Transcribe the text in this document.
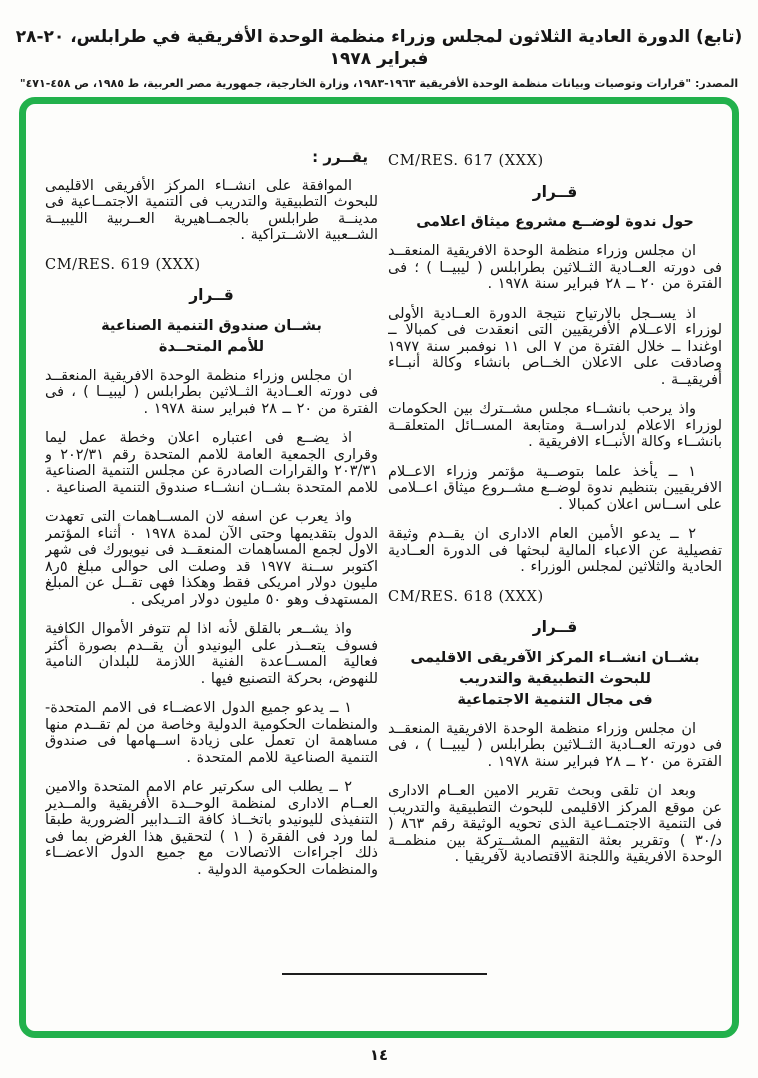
(تابع) الدورة العادية الثلاثون لمجلس وزراء منظمة الوحدة الأفريقية في طرابلس، ٢٠-٢٨ فبراير ١٩٧٨
المصدر: "قرارات وتوصيات وبيانات منظمة الوحدة الأفريقية ١٩٦٣-١٩٨٣، وزارة الخارجية، جمهورية مصر العربية، ط ١٩٨٥، ص ٤٥٨-٤٧١"
CM/RES. 617 (XXX)
قــرار
حول ندوة لوضــع مشروع ميثاق اعلامى

ان مجلس وزراء منظمة الوحدة الافريقية المنعقــد فى دورته العــادية الثــلاثين بطرابلس ( ليبيــا ) ؛ فى الفترة من ٢٠ ــ ٢٨ فبراير سنة ١٩٧٨ .

اذ يســجل بالارتياح نتيجة الدورة العــادية الأولى لوزراء الاعــلام الأفريقيين التى انعقدت فى كمبالا ــ اوغندا ــ خلال الفترة من ٧ الى ١١ نوفمبر سنة ١٩٧٧ وصادقت على الاعلان الخــاص بانشاء وكالة أنبــاء أفريقيــة .

واذ يرحب بانشــاء مجلس مشــترك بين الحكومات لوزراء الاعلام لدراســة ومتابعة المســائل المتعلقــة بانشــاء وكالة الأنبــاء الافريقية .

١ ــ يأخذ علما بتوصــية مؤتمر وزراء الاعــلام الافريقيين بتنظيم ندوة لوضــع مشــروع ميثاق اعــلامى على اســاس اعلان كمبالا .

٢ ــ يدعو الأمين العام الادارى ان يقــدم وثيقة تفصيلية عن الاعباء المالية لبحثها فى الدورة العــادية الحادية والثلاثين لمجلس الوزراء .

CM/RES. 618 (XXX)
قــرار
بشــان انشــاء المركز الآفريقى الاقليمى
للبحوث التطبيقية والتدريب
فى مجال التنمية الاجتماعية

ان مجلس وزراء منظمة الوحدة الافريقية المنعقــد فى دورته العــادية الثــلاثين بطرابلس ( ليبيــا ) ، فى الفترة من ٢٠ ــ ٢٨ فبراير سنة ١٩٧٨ .

وبعد ان تلقى وبحث تقرير الامين العــام الادارى عن موقع المركز الاقليمى للبحوث التطبيقية والتدريب فى التنمية الاجتمــاعية الذى تحويه الوثيقة رقم ٨٦٣ ( د/٣٠ ) وتقرير بعثة التقييم المشــتركة بين منظمــة الوحدة الافريقية واللجنة الاقتصادية لآفريقيا .

يقــرر :

الموافقة على انشــاء المركز الأفريقى الاقليمى للبحوث التطبيقية والتدريب فى التنمية الاجتمــاعية فى مدينــة طرابلس بالجمــاهيرية العــربية الليبيــة الشــعبية الاشــتراكية .

CM/RES. 619 (XXX)
قــرار
بشــان صندوق التنمية الصناعية
للأمم المتحــدة

ان مجلس وزراء منظمة الوحدة الافريقية المنعقــد فى دورته العــادية الثــلاثين بطرابلس ( ليبيــا ) ، فى الفترة من ٢٠ ــ ٢٨ فبراير سنة ١٩٧٨ .

اذ يضــع فى اعتباره اعلان وخطة عمل ليما وقرارى الجمعية العامة للامم المتحدة رقم ٢٠٢/٣١ و ٢٠٣/٣١ والقرارات الصادرة عن مجلس التنمية الصناعية للامم المتحدة بشــان انشــاء صندوق التنمية الصناعية .

واذ يعرب عن اسفه لان المســاهمات التى تعهدت الدول بتقديمها وحتى الآن لمدة ١٩٧٨ ٠ أثناء المؤتمر الاول لجمع المساهمات المنعقــد فى نيويورك فى شهر اكتوبر ســنة ١٩٧٧ قد وصلت الى حوالى مبلغ ٥ر٨ مليون دولار امريكى فقط وهكذا فهى تقــل عن المبلغ المستهدف وهو ٥٠ مليون دولار امريكى .

واذ يشــعر بالقلق لأنه اذا لم تتوفر الأموال الكافية فسوف يتعــذر على اليونيدو أن يقــدم بصورة أكثر فعالية المســاعدة الفنية اللازمة للبلدان النامية للنهوض، بحركة التصنيع فيها .

١ ــ يدعو جميع الدول الاعضــاء فى الامم المتحدة- والمنظمات الحكومية الدولية وخاصة من لم تقــدم منها مساهمة ان تعمل على زيادة اســهامها فى صندوق التنمية الصناعية للامم المتحدة .

٢ ــ يطلب الى سكرتير عام الامم المتحدة والامين العــام الادارى لمنظمة الوحــدة الأفريقية والمــدير التنفيذى لليونيدو باتخــاذ كافة التــدابير الضرورية طبقا لما ورد فى الفقرة ( ١ ) لتحقيق هذا الغرض بما فى ذلك اجراءات الاتصالات مع جميع الدول الاعضــاء والمنظمات الحكومية الدولية .

١٤
